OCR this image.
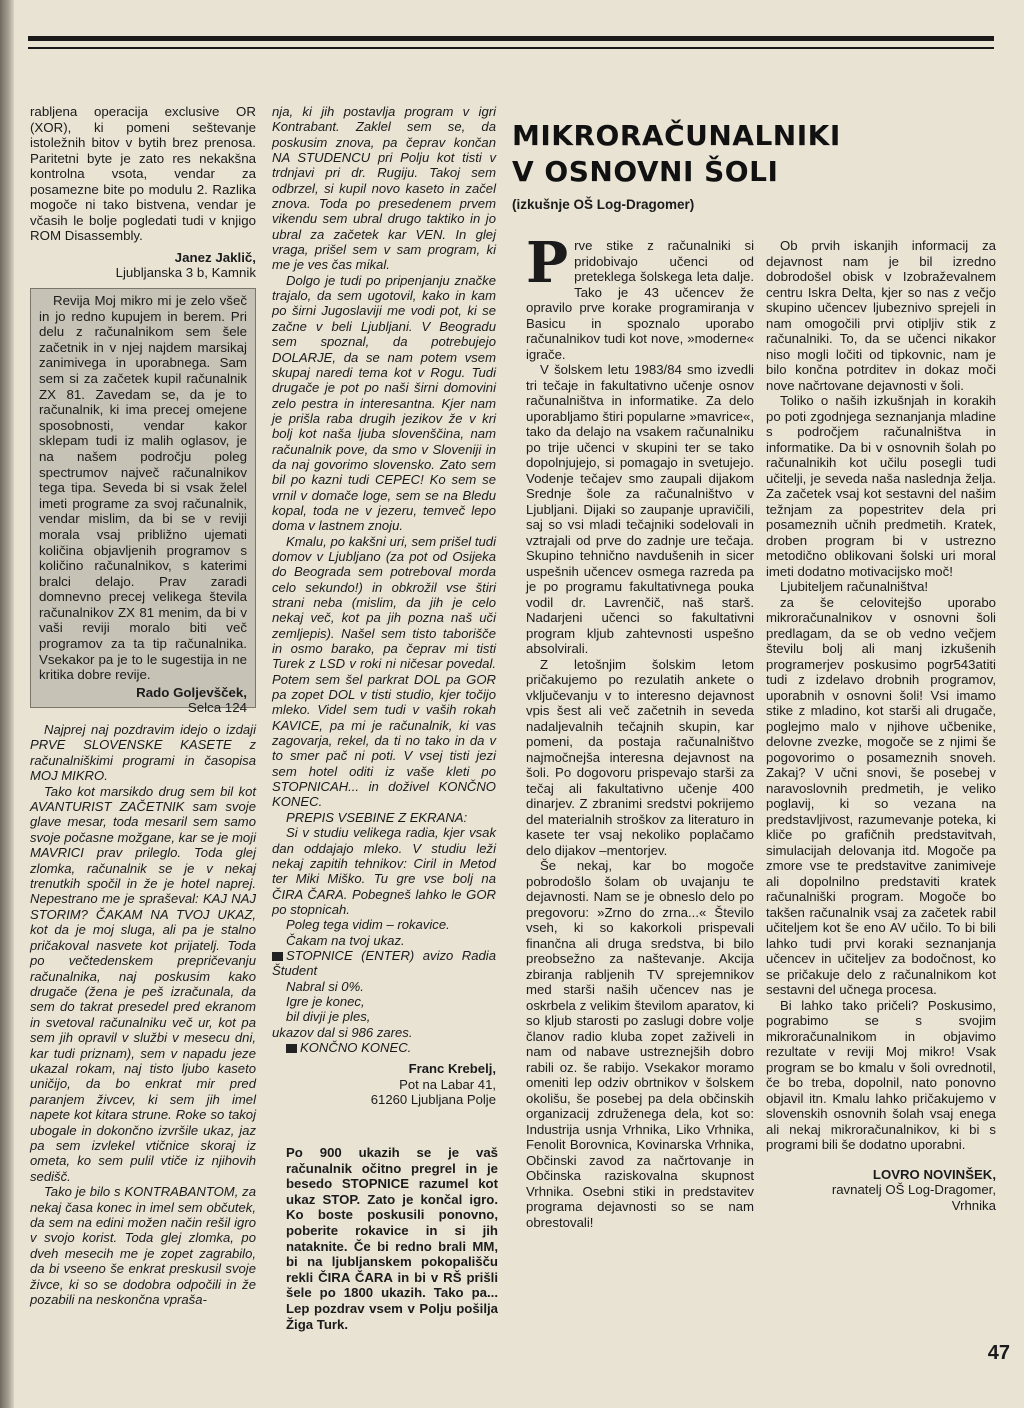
rabljena operacija exclusive OR (XOR), ki pomeni seštevanje istoležnih bitov v bytih brez prenosa. Paritetni byte je zato res nekakšna kontrolna vsota, vendar za posamezne bite po modulu 2. Razlika mogoče ni tako bistvena, vendar je včasih le bolje pogledati tudi v knjigo ROM Disassembly.

Janez Jaklič,
Ljubljanska 3 b, Kamnik

Revija Moj mikro mi je zelo všeč in jo redno kupujem in berem. Pri delu z računalnikom sem šele začetnik in v njej najdem marsikaj zanimivega in uporabnega. Sam sem si za začetek kupil računalnik ZX 81. Zavedam se, da je to računalnik, ki ima precej omejene sposobnosti, vendar kakor sklepam tudi iz malih oglasov, je na našem področju poleg spectrumov največ računalnikov tega tipa. Seveda bi si vsak želel imeti programe za svoj računalnik, vendar mislim, da bi se v reviji morala vsaj približno ujemati količina objavljenih programov s količino računalnikov, s katerimi bralci delajo. Prav zaradi domnevno precej velikega števila računalnikov ZX 81 menim, da bi v vaši reviji moralo biti več programov za ta tip računalnika. Vsekakor pa je to le sugestija in ne kritika dobre revije.

Rado Goljevšček,
Selca 124

Najprej naj pozdravim idejo o izdaji PRVE SLOVENSKE KASETE z računalniškimi programi in časopisa MOJ MIKRO.

Tako kot marsikdo drug sem bil kot AVANTURIST ZAČETNIK sam svoje glave mesar, toda mesaril sem samo svoje počasne možgane, kar se je moji MAVRICI prav prileglo. Toda glej zlomka, računalnik se je v nekaj trenutkih spočil in že je hotel naprej. Nepestrano me je spraševal: KAJ NAJ STORIM? ČAKAM NA TVOJ UKAZ, kot da je moj sluga, ali pa je stalno pričakoval nasvete kot prijatelj. Toda po večtedenskem prepričevanju računalnika, naj poskusim kako drugače (žena je peš izračunala, da sem do takrat presedel pred ekranom in svetoval računalniku več ur, kot pa sem jih opravil v službi v mesecu dni, kar tudi priznam), sem v napadu jeze ukazal rokam, naj tisto ljubo kaseto uničijo, da bo enkrat mir pred paranjem živcev, ki sem jih imel napete kot kitara strune. Roke so takoj ubogale in dokončno izvršile ukaz, jaz pa sem izvlekel vtičnice skoraj iz ometa, ko sem pulil vtiče iz njihovih sedišč.

Tako je bilo s KONTRABANTOM, za nekaj časa konec in imel sem občutek, da sem na edini možen način rešil igro v svojo korist. Toda glej zlomka, po dveh mesecih me je zopet zagrabilo, da bi vseeno še enkrat preskusil svoje živce, ki so se dodobra odpočili in že pozabili na neskončna vpraša-

nja, ki jih postavlja program v igri Kontrabant. Zaklel sem se, da poskusim znova, pa čeprav končan NA STUDENCU pri Polju kot tisti v trdnjavi pri dr. Rugiju. Takoj sem odbrzel, si kupil novo kaseto in začel znova. Toda po presedenem prvem vikendu sem ubral drugo taktiko in jo ubral za začetek kar VEN. In glej vraga, prišel sem v sam program, ki me je ves čas mikal.

Dolgo je tudi po pripenjanju značke trajalo, da sem ugotovil, kako in kam po širni Jugoslaviji me vodi pot, ki se začne v beli Ljubljani. V Beogradu sem spoznal, da potrebujejo DOLARJE, da se nam potem vsem skupaj naredi tema kot v Rogu. Tudi drugače je pot po naši širni domovini zelo pestra in interesantna. Kjer nam je prišla raba drugih jezikov že v kri bolj kot naša ljuba slovenščina, nam računalnik pove, da smo v Sloveniji in da naj govorimo slovensko. Zato sem bil po kazni tudi CEPEC! Ko sem se vrnil v domače loge, sem se na Bledu kopal, toda ne v jezeru, temveč lepo doma v lastnem znoju.

Kmalu, po kakšni uri, sem prišel tudi domov v Ljubljano (za pot od Osijeka do Beograda sem potreboval morda celo sekundo!) in obkrožil vse štiri strani neba (mislim, da jih je celo nekaj več, kot pa jih pozna naš uči zemljepis). Našel sem tisto taborišče in osmo barako, pa čeprav mi tisti Turek z LSD v roki ni ničesar povedal. Potem sem šel parkrat DOL pa GOR pa zopet DOL v tisti studio, kjer točijo mleko. Videl sem tudi v vaših rokah KAVICE, pa mi je računalnik, ki vas zagovarja, rekel, da ti no tako in da v to smer pač ni poti. V vsej tisti jezi sem hotel oditi iz vaše kleti po STOPNICAH... in doživel KONČNO KONEC.

PREPIS VSEBINE Z EKRANA:

Si v studiu velikega radia, kjer vsak dan oddajajo mleko. V studiu leži nekaj zapitih tehnikov: Ciril in Metod ter Miki Miško. Tu gre vse bolj na ČIRA ČARA. Pobegneš lahko le GOR po stopnicah.

Poleg tega vidim – rokavice.

Čakam na tvoj ukaz.

STOPNICE (ENTER) avizo Radia Študent

Nabral si 0%.

Igre je konec,

bil divji je ples,

ukazov dal si 986 zares.

KONČNO KONEC.

Franc Krebelj,
Pot na Labar 41,
61260 Ljubljana Polje

Po 900 ukazih se je vaš računalnik očitno pregrel in je besedo STOPNICE razumel kot ukaz STOP. Zato je končal igro. Ko boste poskusili ponovno, poberite rokavice in si jih nataknite. Če bi redno brali MM, bi na ljubljanskem pokopališču rekli ČIRA ČARA in bi v RŠ prišli šele po 1800 ukazih. Tako pa... Lep pozdrav vsem v Polju pošilja Žiga Turk.

MIKRORAČUNALNIKI
V OSNOVNI ŠOLI
(izkušnje OŠ Log-Dragomer)

Prve stike z računalniki si pridobivajo učenci od preteklega šolskega leta dalje. Tako je 43 učencev že opravilo prve korake programiranja v Basicu in spoznalo uporabo računalnikov tudi kot nove, »moderne« igrače.

V šolskem letu 1983/84 smo izvedli tri tečaje in fakultativno učenje osnov računalništva in informatike. Za delo uporabljamo štiri popularne »mavrice«, tako da delajo na vsakem računalniku po trije učenci v skupini ter se tako dopolnjujejo, si pomagajo in svetujejo. Vodenje tečajev smo zaupali dijakom Srednje šole za računalništvo v Ljubljani. Dijaki so zaupanje upravičili, saj so vsi mladi tečajniki sodelovali in vztrajali od prve do zadnje ure tečaja. Skupino tehnično navdušenih in sicer uspešnih učencev osmega razreda pa je po programu fakultativnega pouka vodil dr. Lavrenčič, naš starš. Nadarjeni učenci so fakultativni program kljub zahtevnosti uspešno absolvirali.

Z letošnjim šolskim letom pričakujemo po rezulatih ankete o vključevanju v to interesno dejavnost vpis šest ali več začetnih in seveda nadaljevalnih tečajnih skupin, kar pomeni, da postaja računalništvo najmočnejša interesna dejavnost na šoli. Po dogovoru prispevajo starši za tečaj ali fakultativno učenje 400 dinarjev. Z zbranimi sredstvi pokrijemo del materialnih stroškov za literaturo in kasete ter vsaj nekoliko poplačamo delo dijakov –mentorjev.

Še nekaj, kar bo mogoče pobrodošlo šolam ob uvajanju te dejavnosti. Nam se je obneslo delo po pregovoru: »Zrno do zrna...« Število vseh, ki so kakorkoli prispevali finančna ali druga sredstva, bi bilo preobsežno za naštevanje. Akcija zbiranja rabljenih TV sprejemnikov med starši naših učencev nas je oskrbela z velikim številom aparatov, ki so kljub starosti po zaslugi dobre volje članov radio kluba zopet zaživeli in nam od nabave ustreznejših dobro rabili oz. še rabijo. Vsekakor moramo omeniti lep odziv obrtnikov v šolskem okolišu, še posebej pa dela občinskih organizacij združenega dela, kot so: Industrija usnja Vrhnika, Liko Vrhnika, Fenolit Borovnica, Kovinarska Vrhnika, Občinski zavod za načrtovanje in Občinska raziskovalna skupnost Vrhnika. Osebni stiki in predstavitev programa dejavnosti so se nam obrestovali!

Ob prvih iskanjih informacij za dejavnost nam je bil izredno dobrodošel obisk v Izobraževalnem centru Iskra Delta, kjer so nas z večjo skupino učencev ljubeznivo sprejeli in nam omogočili prvi otipljiv stik z računalniki. To, da se učenci nikakor niso mogli ločiti od tipkovnic, nam je bilo končna potrditev in dokaz moči nove načrtovane dejavnosti v šoli.

Toliko o naših izkušnjah in korakih po poti zgodnjega seznanjanja mladine s področjem računalništva in informatike. Da bi v osnovnih šolah po računalnikih kot učilu posegli tudi učitelji, je seveda naša naslednja želja. Za začetek vsaj kot sestavni del našim težnjam za popestritev dela pri posameznih učnih predmetih. Kratek, droben program bi v ustrezno metodično oblikovani šolski uri moral imeti dodatno motivacijsko moč!

Ljubiteljem računalništva!

za še celovitejšo uporabo mikroračunalnikov v osnovni šoli predlagam, da se ob vedno večjem številu bolj ali manj izkušenih programerjev poskusimo pogr543atiti tudi z izdelavo drobnih programov, uporabnih v osnovni šoli! Vsi imamo stike z mladino, kot starši ali drugače, poglejmo malo v njihove učbenike, delovne zvezke, mogoče se z njimi še pogovorimo o posameznih snoveh. Zakaj? V učni snovi, še posebej v naravoslovnih predmetih, je veliko poglavij, ki so vezana na predstavljivost, razumevanje poteka, ki kliče po grafičnih predstavitvah, simulacijah delovanja itd. Mogoče pa zmore vse te predstavitve zanimiveje ali dopolnilno predstaviti kratek računalniški program. Mogoče bo takšen računalnik vsaj za začetek rabil učiteljem kot še eno AV učilo. To bi bili lahko tudi prvi koraki seznanjanja učencev in učiteljev za bodočnost, ko se pričakuje delo z računalnikom kot sestavni del učnega procesa.

Bi lahko tako pričeli? Poskusimo, pograbimo se s svojim mikroračunalnikom in objavimo rezultate v reviji Moj mikro! Vsak program se bo kmalu v šoli ovrednotil, če bo treba, dopolnil, nato ponovno objavil itn. Kmalu lahko pričakujemo v slovenskih osnovnih šolah vsaj enega ali nekaj mikroračunalnikov, ki bi s programi bili še dodatno uporabni.

LOVRO NOVINŠEK,
ravnatelj OŠ Log-Dragomer,
Vrhnika
47
